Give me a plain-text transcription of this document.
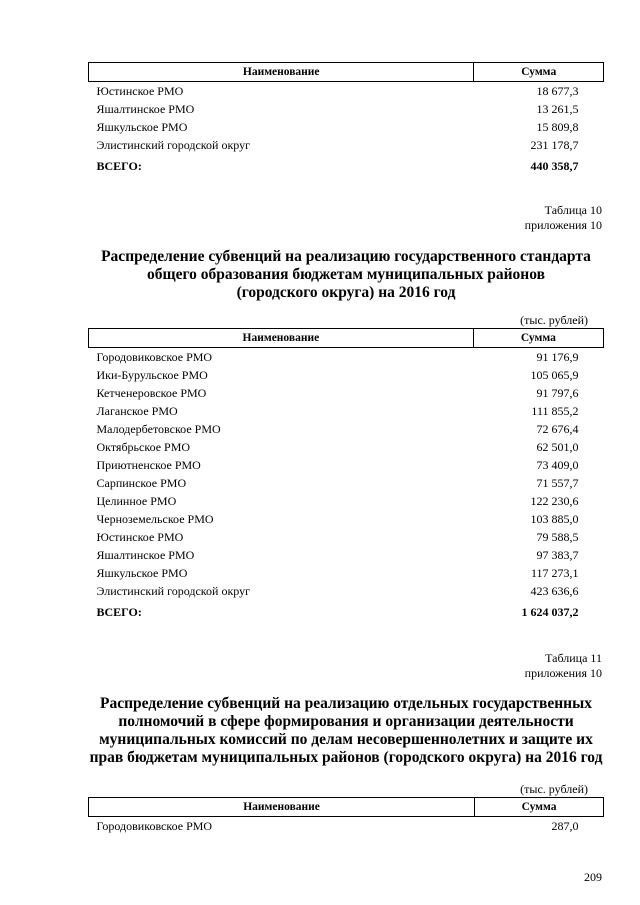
Наименование	Сумма
Юстинское РМО	18 677,3
Яшалтинское РМО	13 261,5
Яшкульское РМО	15 809,8
Элистинский городской округ	231 178,7
ВСЕГО:	440 358,7
Таблица 10
приложения 10
Распределение субвенций на реализацию государственного стандарта
общего образования бюджетам муниципальных районов
(городского округа) на 2016 год
(тыс. рублей)
Наименование	Сумма
Городовиковское РМО	91 176,9
Ики-Бурульское РМО	105 065,9
Кетченеровское РМО	91 797,6
Лаганское РМО	111 855,2
Малодербетовское РМО	72 676,4
Октябрьское РМО	62 501,0
Приютненское РМО	73 409,0
Сарпинское РМО	71 557,7
Целинное РМО	122 230,6
Черноземельское РМО	103 885,0
Юстинское РМО	79 588,5
Яшалтинское РМО	97 383,7
Яшкульское РМО	117 273,1
Элистинский городской округ	423 636,6
ВСЕГО:	1 624 037,2
Таблица 11
приложения 10
Распределение субвенций на реализацию отдельных государственных
полномочий в сфере формирования и организации деятельности
муниципальных комиссий по делам несовершеннолетних и защите их
прав бюджетам муниципальных районов (городского округа) на 2016 год
(тыс. рублей)
Наименование	Сумма
Городовиковское РМО	287,0
209
